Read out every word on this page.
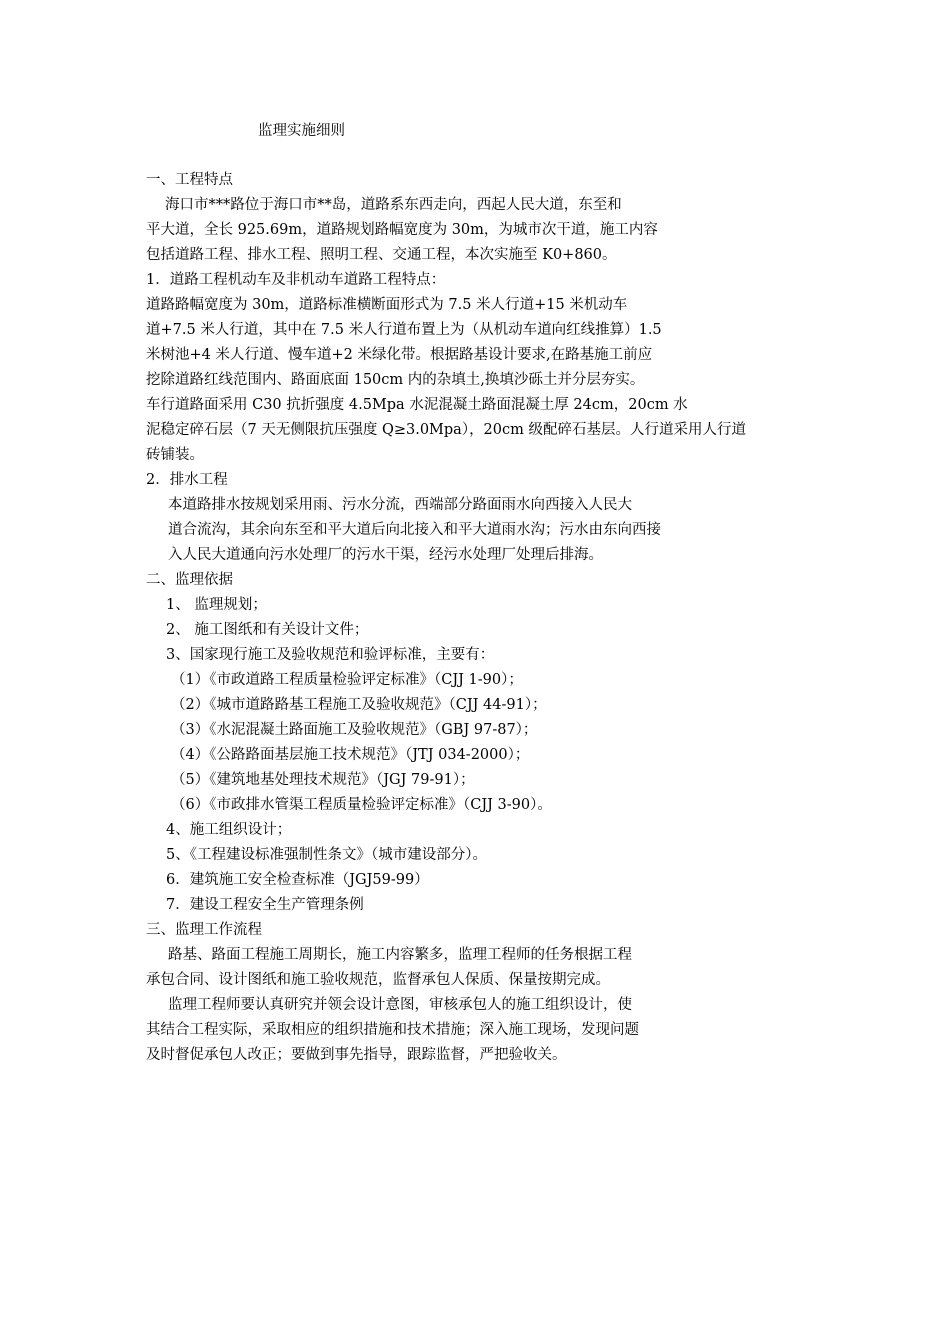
监理实施细则
一、工程特点
海口市***路位于海口市**岛，道路系东西走向，西起人民大道，东至和
平大道，全长 925.69m，道路规划路幅宽度为 30m，为城市次干道，施工内容
包括道路工程、排水工程、照明工程、交通工程，本次实施至 K0+860。
1．道路工程机动车及非机动车道路工程特点：
道路路幅宽度为 30m，道路标准横断面形式为 7.5 米人行道+15 米机动车
道+7.5 米人行道，其中在 7.5 米人行道布置上为（从机动车道向红线推算）1.5
米树池+4 米人行道、慢车道+2 米绿化带。根据路基设计要求,在路基施工前应
挖除道路红线范围内、路面底面 150cm 内的杂填土,换填沙砾土并分层夯实。
车行道路面采用 C30 抗折强度 4.5Mpa 水泥混凝土路面混凝土厚 24cm，20cm 水
泥稳定碎石层（7 天无侧限抗压强度 Q≥3.0Mpa），20cm 级配碎石基层。人行道采用人行道
砖铺装。
2．排水工程
本道路排水按规划采用雨、污水分流，西端部分路面雨水向西接入人民大
道合流沟，其余向东至和平大道后向北接入和平大道雨水沟；污水由东向西接
入人民大道通向污水处理厂的污水干渠，经污水处理厂处理后排海。
二、监理依据
1、 监理规划；
2、 施工图纸和有关设计文件；
3、国家现行施工及验收规范和验评标准，主要有：
（1）《市政道路工程质量检验评定标准》（CJJ 1-90）；
（2）《城市道路路基工程施工及验收规范》（CJJ 44-91）；
（3）《水泥混凝土路面施工及验收规范》（GBJ 97-87）；
（4）《公路路面基层施工技术规范》（JTJ 034-2000）；
（5）《建筑地基处理技术规范》（JGJ 79-91）；
（6）《市政排水管渠工程质量检验评定标准》（CJJ 3-90）。
4、施工组织设计；
5、《工程建设标准强制性条文》（城市建设部分）。
6．建筑施工安全检查标准（JGJ59-99）
7．建设工程安全生产管理条例
三、监理工作流程
路基、路面工程施工周期长，施工内容繁多，监理工程师的任务根据工程
承包合同、设计图纸和施工验收规范，监督承包人保质、保量按期完成。
监理工程师要认真研究并领会设计意图，审核承包人的施工组织设计，使
其结合工程实际，采取相应的组织措施和技术措施；深入施工现场，发现问题
及时督促承包人改正；要做到事先指导，跟踪监督，严把验收关。
